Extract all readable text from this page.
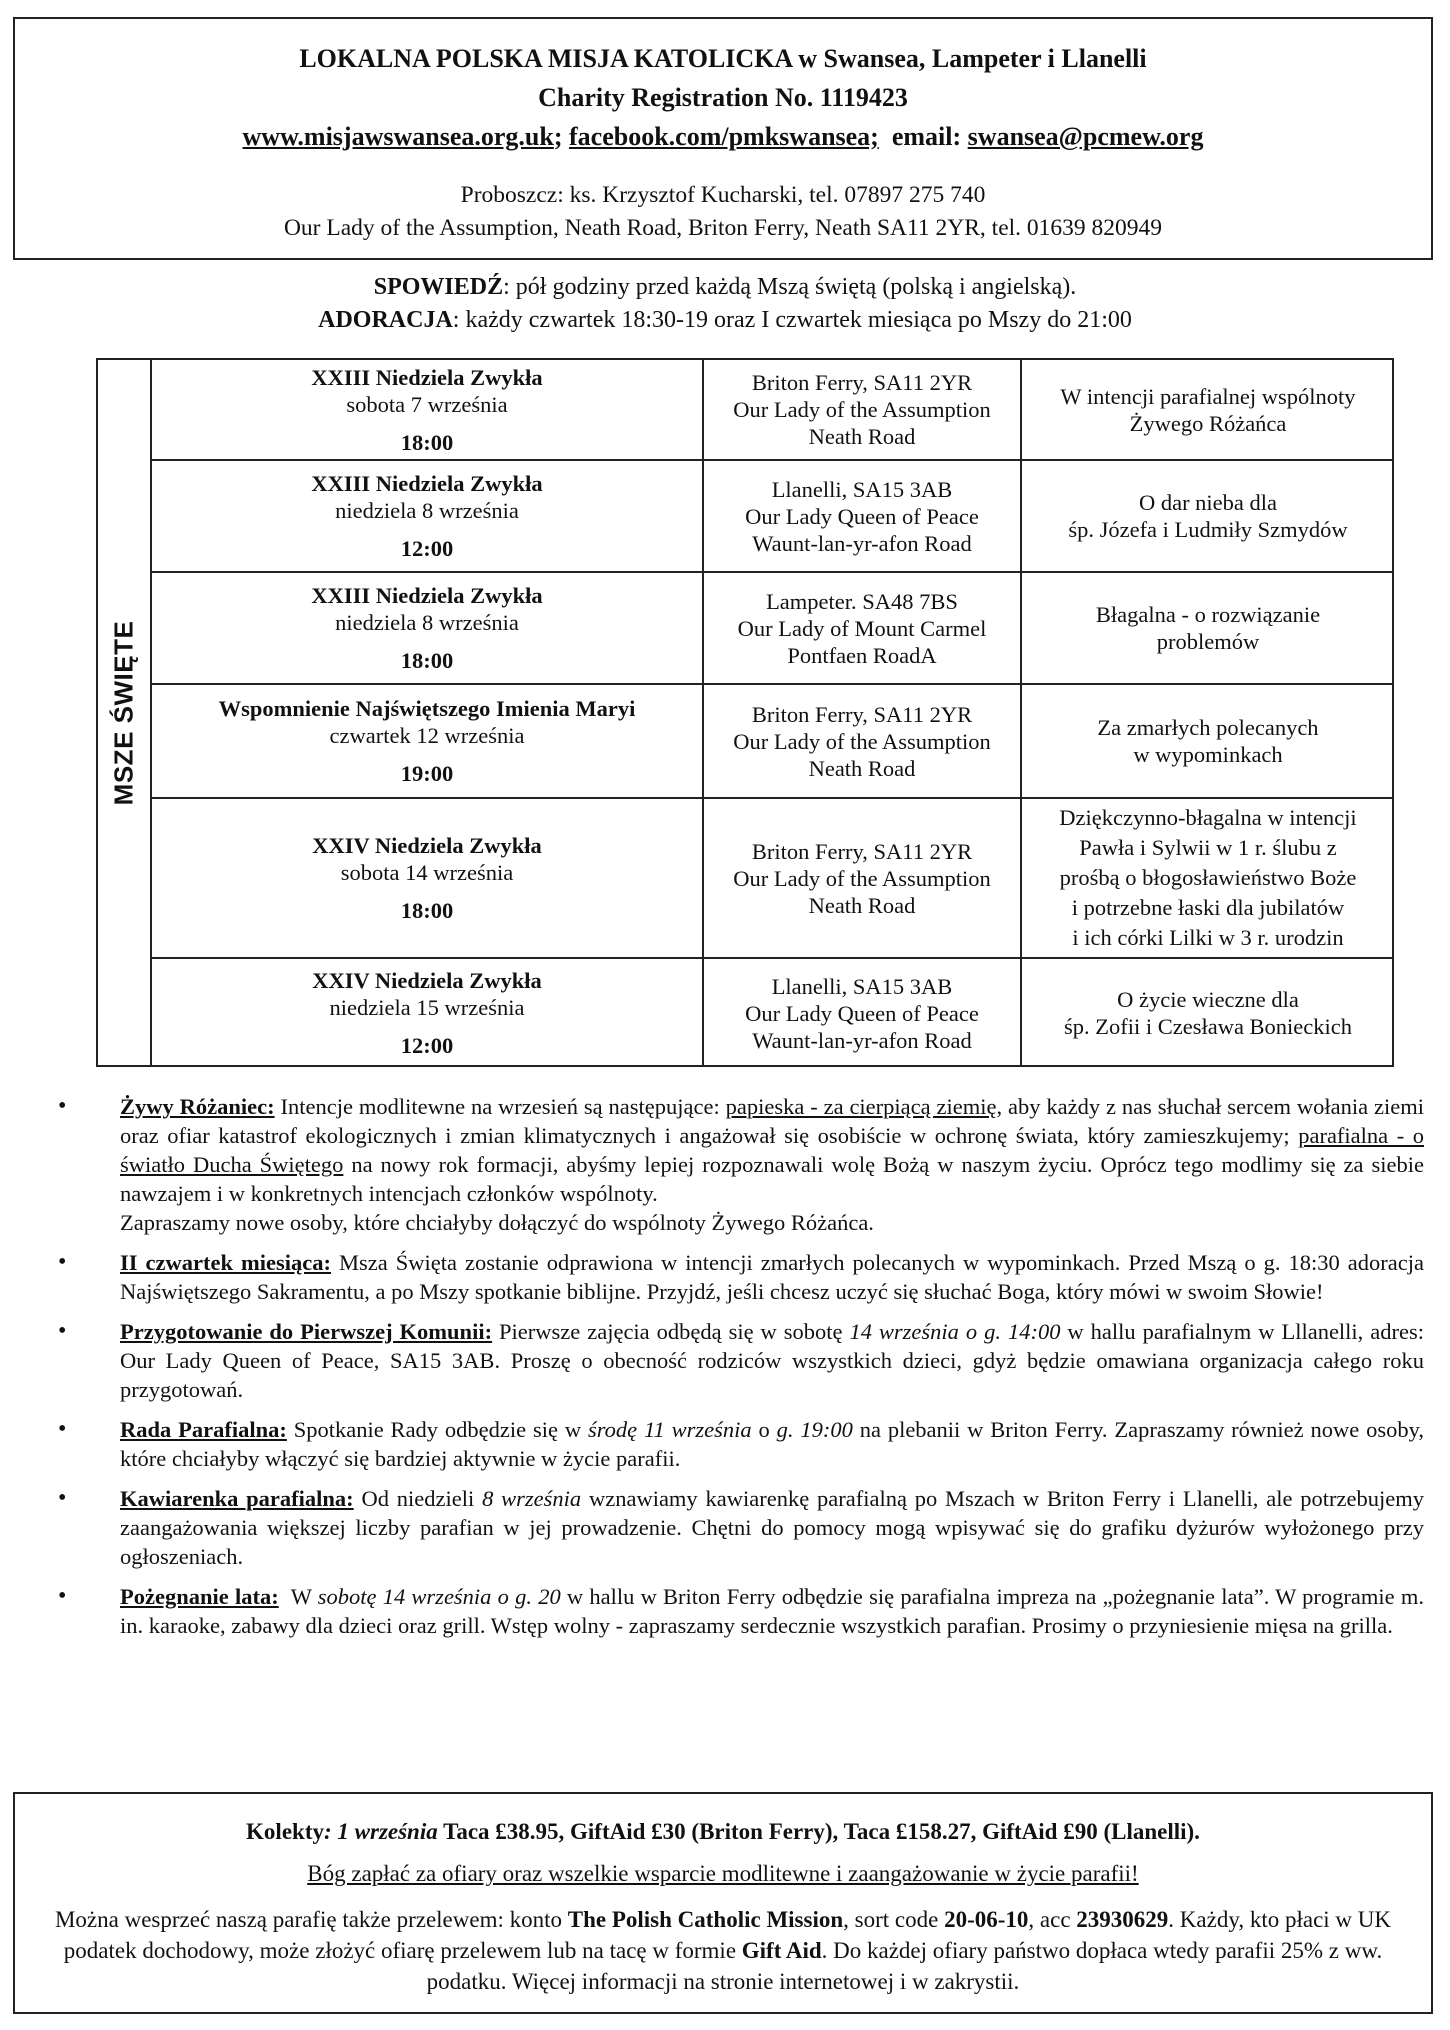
LOKALNA POLSKA MISJA KATOLICKA w Swansea, Lampeter i Llanelli
Charity Registration No. 1119423
www.misjawswansea.org.uk; facebook.com/pmkswansea; email: swansea@pcmew.org
Proboszcz: ks. Krzysztof Kucharski, tel. 07897 275 740
Our Lady of the Assumption, Neath Road, Briton Ferry, Neath SA11 2YR, tel. 01639 820949
SPOWIEDŹ: pół godziny przed każdą Mszą świętą (polską i angielską).
ADORACJA: każdy czwartek 18:30-19 oraz I czwartek miesiąca po Mszy do 21:00
MSZE ŚWIĘTE
XXIII Niedziela Zwykła
sobota 7 września
18:00
Briton Ferry, SA11 2YR
Our Lady of the Assumption
Neath Road
W intencji parafialnej wspólnoty
Żywego Różańca
XXIII Niedziela Zwykła
niedziela 8 września
12:00
Llanelli, SA15 3AB
Our Lady Queen of Peace
Waunt-lan-yr-afon Road
O dar nieba dla
śp. Józefa i Ludmiły Szmydów
XXIII Niedziela Zwykła
niedziela 8 września
18:00
Lampeter. SA48 7BS
Our Lady of Mount Carmel
Pontfaen RoadA
Błagalna - o rozwiązanie
problemów
Wspomnienie Najświętszego Imienia Maryi
czwartek 12 września
19:00
Briton Ferry, SA11 2YR
Our Lady of the Assumption
Neath Road
Za zmarłych polecanych
w wypominkach
XXIV Niedziela Zwykła
sobota 14 września
18:00
Briton Ferry, SA11 2YR
Our Lady of the Assumption
Neath Road
Dziękczynno-błagalna w intencji
Pawła i Sylwii w 1 r. ślubu z
prośbą o błogosławieństwo Boże
i potrzebne łaski dla jubilatów
i ich córki Lilki w 3 r. urodzin
XXIV Niedziela Zwykła
niedziela 15 września
12:00
Llanelli, SA15 3AB
Our Lady Queen of Peace
Waunt-lan-yr-afon Road
O życie wieczne dla
śp. Zofii i Czesława Bonieckich
• Żywy Różaniec: Intencje modlitewne na wrzesień są następujące: papieska - za cierpiącą ziemię, aby każdy z nas słuchał sercem wołania ziemi oraz ofiar katastrof ekologicznych i zmian klimatycznych i angażował się osobiście w ochronę świata, który zamieszkujemy; parafialna - o światło Ducha Świętego na nowy rok formacji, abyśmy lepiej rozpoznawali wolę Bożą w naszym życiu. Oprócz tego modlimy się za siebie nawzajem i w konkretnych intencjach członków wspólnoty.
Zapraszamy nowe osoby, które chciałyby dołączyć do wspólnoty Żywego Różańca.
• II czwartek miesiąca: Msza Święta zostanie odprawiona w intencji zmarłych polecanych w wypominkach. Przed Mszą o g. 18:30 adoracja Najświętszego Sakramentu, a po Mszy spotkanie biblijne. Przyjdź, jeśli chcesz uczyć się słuchać Boga, który mówi w swoim Słowie!
• Przygotowanie do Pierwszej Komunii: Pierwsze zajęcia odbędą się w sobotę 14 września o g. 14:00 w hallu parafialnym w Lllanelli, adres: Our Lady Queen of Peace, SA15 3AB. Proszę o obecność rodziców wszystkich dzieci, gdyż będzie omawiana organizacja całego roku przygotowań.
• Rada Parafialna: Spotkanie Rady odbędzie się w środę 11 września o g. 19:00 na plebanii w Briton Ferry. Zapraszamy również nowe osoby, które chciałyby włączyć się bardziej aktywnie w życie parafii.
• Kawiarenka parafialna: Od niedzieli 8 września wznawiamy kawiarenkę parafialną po Mszach w Briton Ferry i Llanelli, ale potrzebujemy zaangażowania większej liczby parafian w jej prowadzenie. Chętni do pomocy mogą wpisywać się do grafiku dyżurów wyłożonego przy ogłoszeniach.
• Pożegnanie lata:  W sobotę 14 września o g. 20 w hallu w Briton Ferry odbędzie się parafialna impreza na „pożegnanie lata”. W programie m. in. karaoke, zabawy dla dzieci oraz grill. Wstęp wolny - zapraszamy serdecznie wszystkich parafian. Prosimy o przyniesienie mięsa na grilla.
Kolekty: 1 września Taca £38.95, GiftAid £30 (Briton Ferry), Taca £158.27, GiftAid £90 (Llanelli).
Bóg zapłać za ofiary oraz wszelkie wsparcie modlitewne i zaangażowanie w życie parafii!
Można wesprzeć naszą parafię także przelewem: konto The Polish Catholic Mission, sort code 20-06-10, acc 23930629. Każdy, kto płaci w UK podatek dochodowy, może złożyć ofiarę przelewem lub na tacę w formie Gift Aid. Do każdej ofiary państwo dopłaca wtedy parafii 25% z ww. podatku. Więcej informacji na stronie internetowej i w zakrystii.
